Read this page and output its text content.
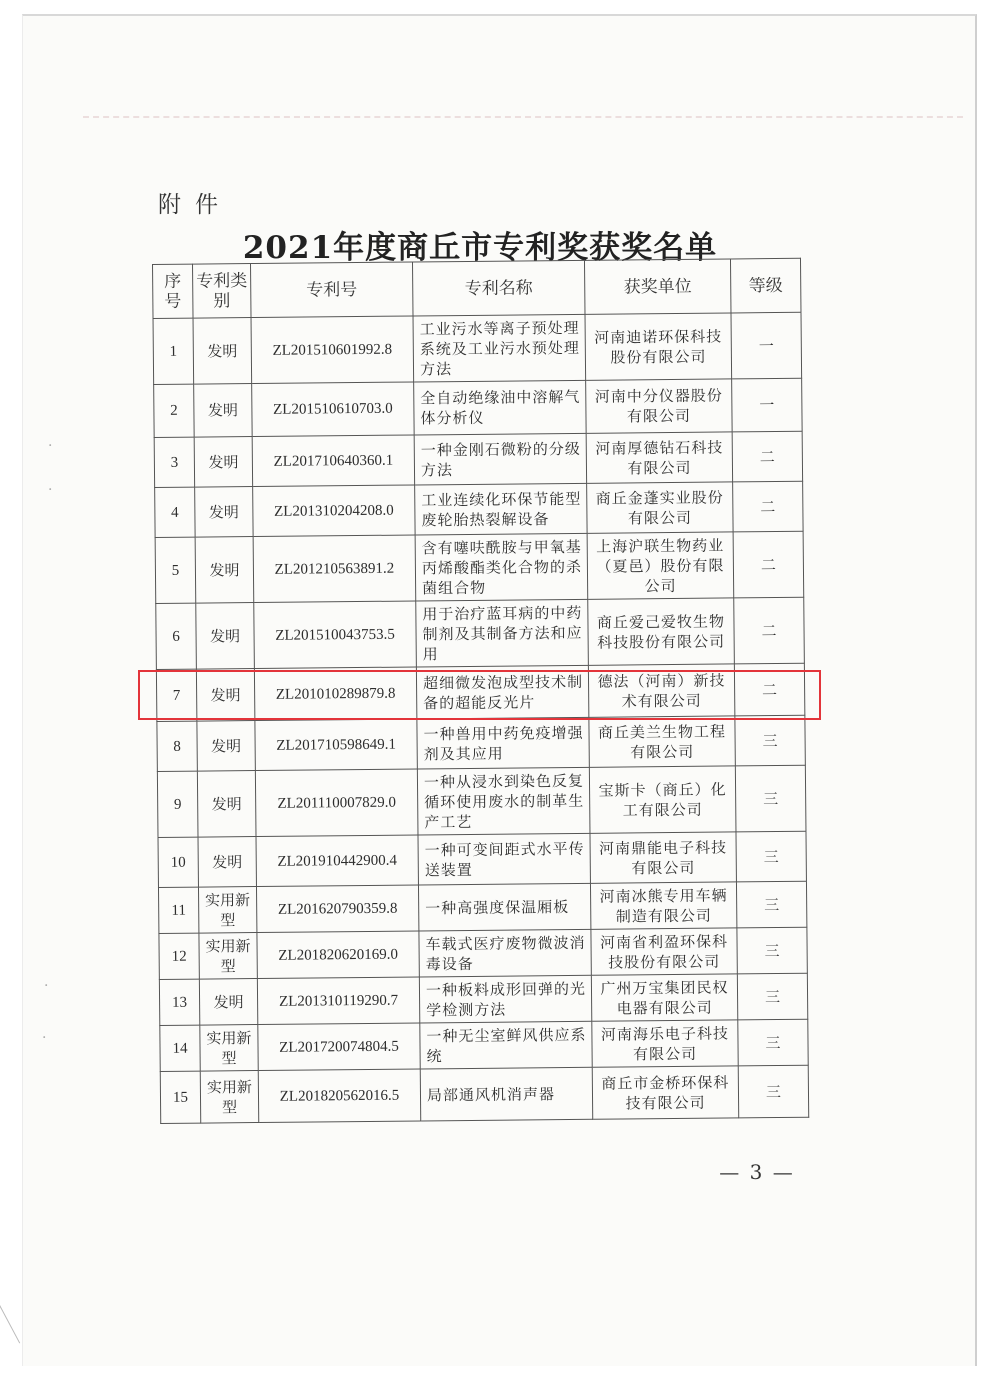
·
·
·
·
附件
2021年度商丘市专利奖获奖名单
序号	专利类别	专利号	专利名称	获奖单位	等级
1	发明	ZL201510601992.8	工业污水等离子预处理系统及工业污水预处理方法	河南迪诺环保科技股份有限公司	一
2	发明	ZL201510610703.0	全自动绝缘油中溶解气体分析仪	河南中分仪器股份有限公司	一
3	发明	ZL201710640360.1	一种金刚石微粉的分级方法	河南厚德钻石科技有限公司	二
4	发明	ZL201310204208.0	工业连续化环保节能型废轮胎热裂解设备	商丘金蓬实业股份有限公司	二
5	发明	ZL201210563891.2	含有噻呋酰胺与甲氧基丙烯酸酯类化合物的杀菌组合物	上海沪联生物药业（夏邑）股份有限公司	二
6	发明	ZL201510043753.5	用于治疗蓝耳病的中药制剂及其制备方法和应用	商丘爱己爱牧生物科技股份有限公司	二
7	发明	ZL201010289879.8	超细微发泡成型技术制备的超能反光片	德法（河南）新技术有限公司	二
8	发明	ZL201710598649.1	一种兽用中药免疫增强剂及其应用	商丘美兰生物工程有限公司	三
9	发明	ZL201110007829.0	一种从浸水到染色反复循环使用废水的制革生产工艺	宝斯卡（商丘）化工有限公司	三
10	发明	ZL201910442900.4	一种可变间距式水平传送装置	河南鼎能电子科技有限公司	三
11	实用新型	ZL201620790359.8	一种高强度保温厢板	河南冰熊专用车辆制造有限公司	三
12	实用新型	ZL201820620169.0	车载式医疗废物微波消毒设备	河南省利盈环保科技股份有限公司	三
13	发明	ZL201310119290.7	一种板料成形回弹的光学检测方法	广州万宝集团民权电器有限公司	三
14	实用新型	ZL201720074804.5	一种无尘室鲜风供应系统	河南海乐电子科技有限公司	三
15	实用新型	ZL201820562016.5	局部通风机消声器	商丘市金桥环保科技有限公司	三
— 3 —
